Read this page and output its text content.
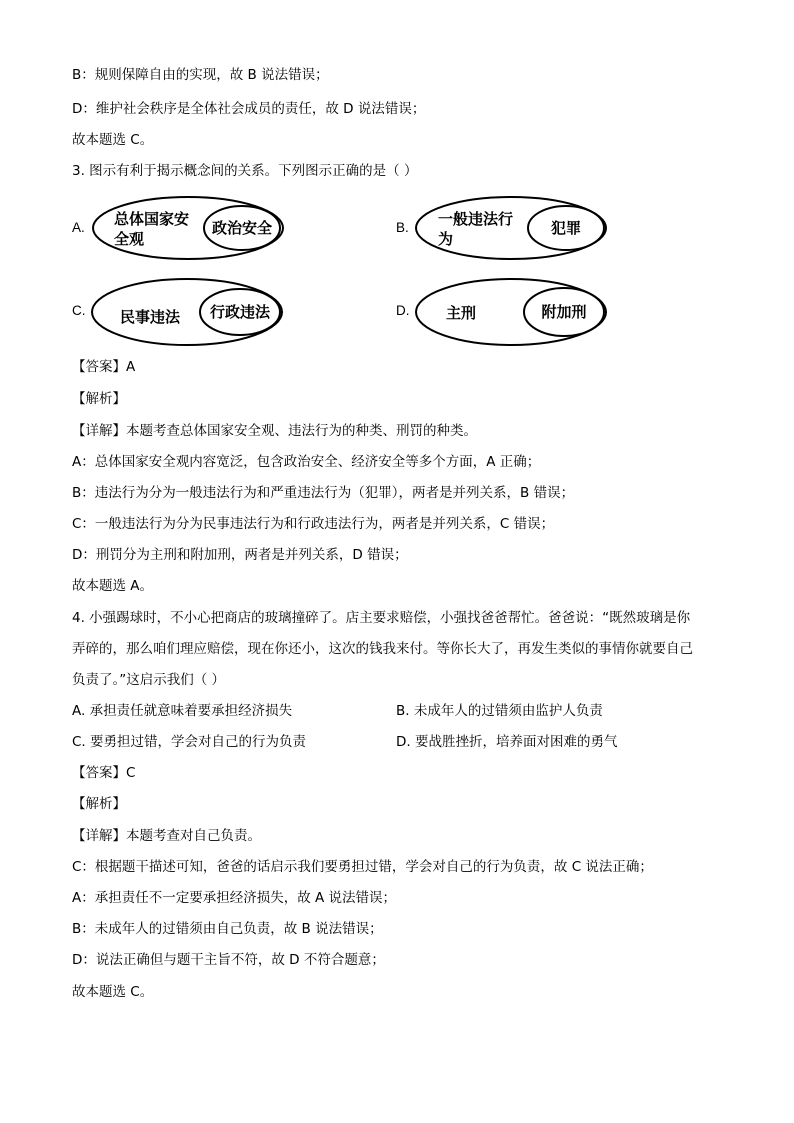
B：规则保障自由的实现，故 B 说法错误；
D：维护社会秩序是全体社会成员的责任，故 D 说法错误；
故本题选 C。
3. 图示有利于揭示概念间的关系。下列图示正确的是（ ）
A. 总体国家安
全观
政治安全	B. 一般违法行
为
犯罪
C. 民事违法 行政违法	D. 主刑	附加刑
【答案】A
【解析】
【详解】本题考查总体国家安全观、违法行为的种类、刑罚的种类。
A：总体国家安全观内容宽泛，包含政治安全、经济安全等多个方面，A 正确；
B：违法行为分为一般违法行为和严重违法行为（犯罪），两者是并列关系，B 错误；
C：一般违法行为分为民事违法行为和行政违法行为，两者是并列关系，C 错误；
D：刑罚分为主刑和附加刑，两者是并列关系，D 错误；
故本题选 A。
4. 小强踢球时，不小心把商店的玻璃撞碎了。店主要求赔偿，小强找爸爸帮忙。爸爸说：“既然玻璃是你
弄碎的，那么咱们理应赔偿，现在你还小，这次的钱我来付。等你长大了，再发生类似的事情你就要自己
负责了。”这启示我们（ ）
A. 承担责任就意味着要承担经济损失	B. 未成年人的过错须由监护人负责
C. 要勇担过错，学会对自己的行为负责	D. 要战胜挫折，培养面对困难的勇气
【答案】C
【解析】
【详解】本题考查对自己负责。
C：根据题干描述可知，爸爸的话启示我们要勇担过错，学会对自己的行为负责，故 C 说法正确；
A：承担责任不一定要承担经济损失，故 A 说法错误；
B：未成年人的过错须由自己负责，故 B 说法错误；
D：说法正确但与题干主旨不符，故 D 不符合题意；
故本题选 C。
